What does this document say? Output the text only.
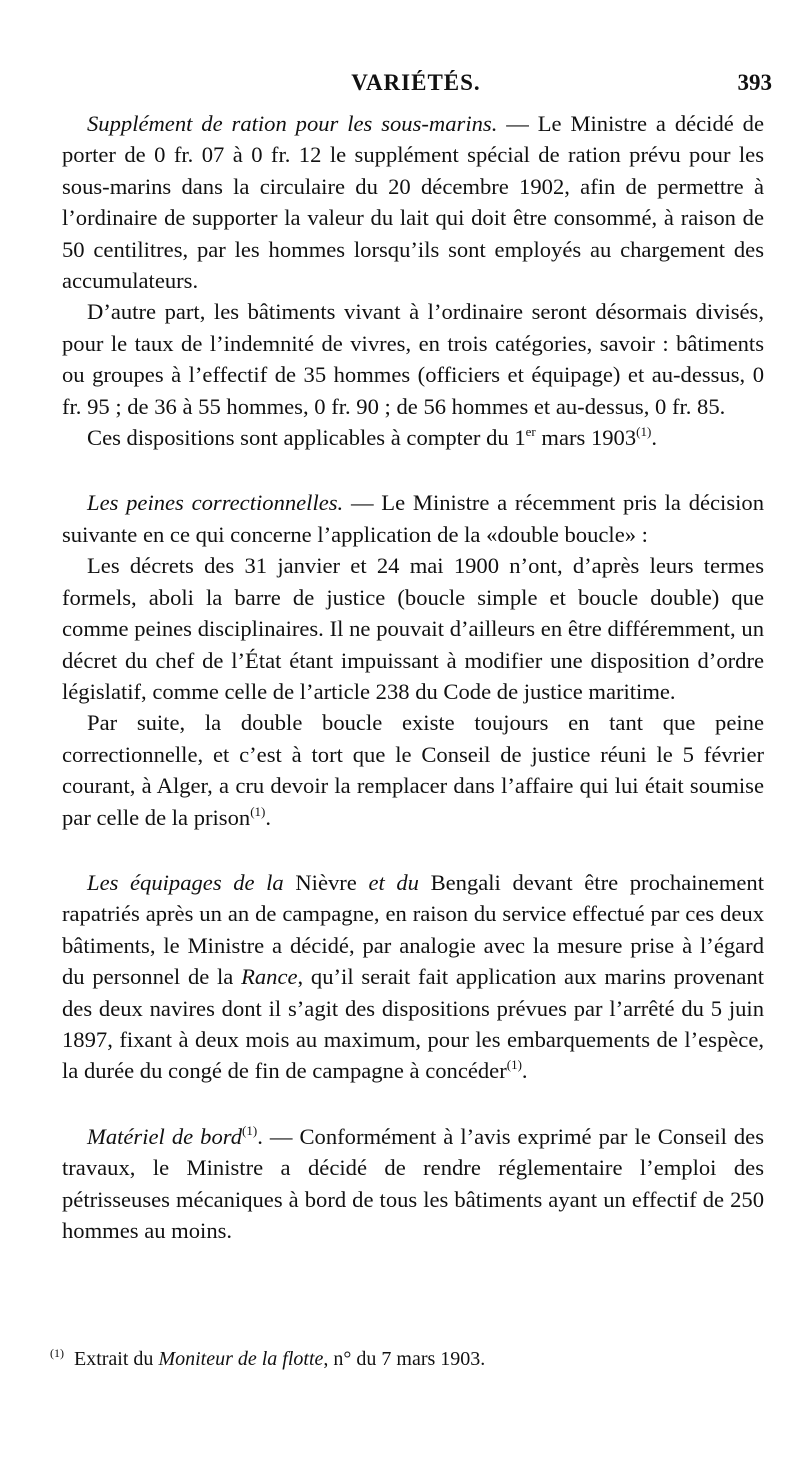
VARIÉTÉS.	393

Supplément de ration pour les sous-marins. — Le Ministre a décidé de porter de 0 fr. 07 à 0 fr. 12 le supplément spécial de ration prévu pour les sous-marins dans la circulaire du 20 décembre 1902, afin de permettre à l’ordinaire de supporter la valeur du lait qui doit être consommé, à raison de 50 centilitres, par les hommes lorsqu’ils sont employés au chargement des accumulateurs.

D’autre part, les bâtiments vivant à l’ordinaire seront désormais divisés, pour le taux de l’indemnité de vivres, en trois catégories, savoir : bâtiments ou groupes à l’effectif de 35 hommes (officiers et équipage) et au-dessus, 0 fr. 95 ; de 36 à 55 hommes, 0 fr. 90 ; de 56 hommes et au-dessus, 0 fr. 85.

Ces dispositions sont applicables à compter du 1er mars 1903$^{(1)}$.

Les peines correctionnelles. — Le Ministre a récemment pris la décision suivante en ce qui concerne l’application de la «double boucle» :

Les décrets des 31 janvier et 24 mai 1900 n’ont, d’après leurs termes formels, aboli la barre de justice (boucle simple et boucle double) que comme peines disciplinaires. Il ne pouvait d’ailleurs en être différemment, un décret du chef de l’État étant impuissant à modifier une disposition d’ordre législatif, comme celle de l’article 238 du Code de justice maritime.

Par suite, la double boucle existe toujours en tant que peine correctionnelle, et c’est à tort que le Conseil de justice réuni le 5 février courant, à Alger, a cru devoir la remplacer dans l’affaire qui lui était soumise par celle de la prison$^{(1)}$.

Les équipages de la Nièvre et du Bengali devant être prochainement rapatriés après un an de campagne, en raison du service effectué par ces deux bâtiments, le Ministre a décidé, par analogie avec la mesure prise à l’égard du personnel de la Rance, qu’il serait fait application aux marins provenant des deux navires dont il s’agit des dispositions prévues par l’arrêté du 5 juin 1897, fixant à deux mois au maximum, pour les embarquements de l’espèce, la durée du congé de fin de campagne à concéder$^{(1)}$.

Matériel de bord$^{(1)}$. — Conformément à l’avis exprimé par le Conseil des travaux, le Ministre a décidé de rendre réglementaire l’emploi des pétrisseuses mécaniques à bord de tous les bâtiments ayant un effectif de 250 hommes au moins.

$^{(1)}$ Extrait du Moniteur de la flotte, n° du 7 mars 1903.
